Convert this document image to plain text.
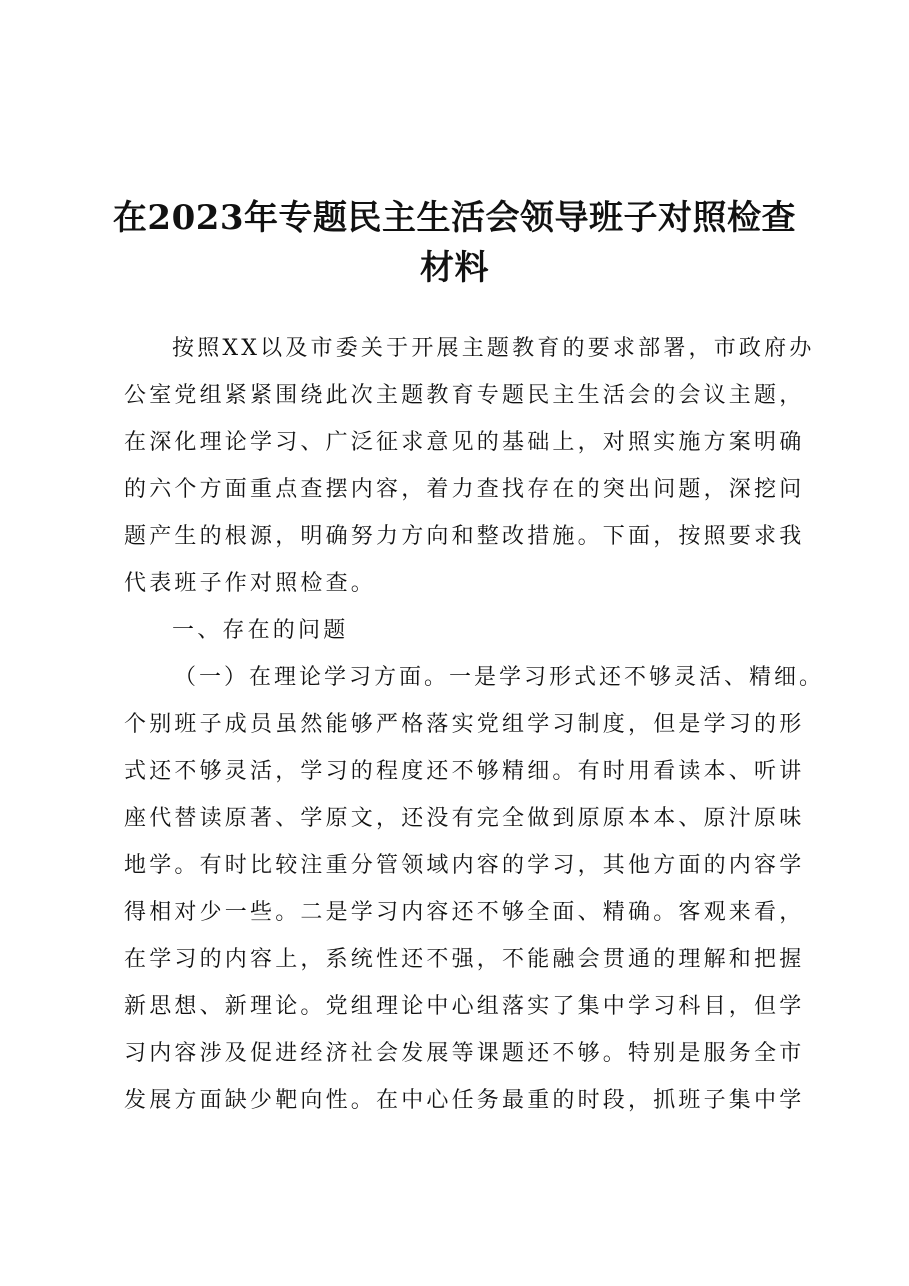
在2023年专题民主生活会领导班子对照检查
材料

按照XX以及市委关于开展主题教育的要求部署，市政府办

公室党组紧紧围绕此次主题教育专题民主生活会的会议主题，

在深化理论学习、广泛征求意见的基础上，对照实施方案明确

的六个方面重点查摆内容，着力查找存在的突出问题，深挖问

题产生的根源，明确努力方向和整改措施。下面，按照要求我

代表班子作对照检查。

一、存在的问题

（一）在理论学习方面。一是学习形式还不够灵活、精细。

个别班子成员虽然能够严格落实党组学习制度，但是学习的形

式还不够灵活，学习的程度还不够精细。有时用看读本、听讲

座代替读原著、学原文，还没有完全做到原原本本、原汁原味

地学。有时比较注重分管领域内容的学习，其他方面的内容学

得相对少一些。二是学习内容还不够全面、精确。客观来看，

在学习的内容上，系统性还不强，不能融会贯通的理解和把握

新思想、新理论。党组理论中心组落实了集中学习科目，但学

习内容涉及促进经济社会发展等课题还不够。特别是服务全市

发展方面缺少靶向性。在中心任务最重的时段，抓班子集中学
